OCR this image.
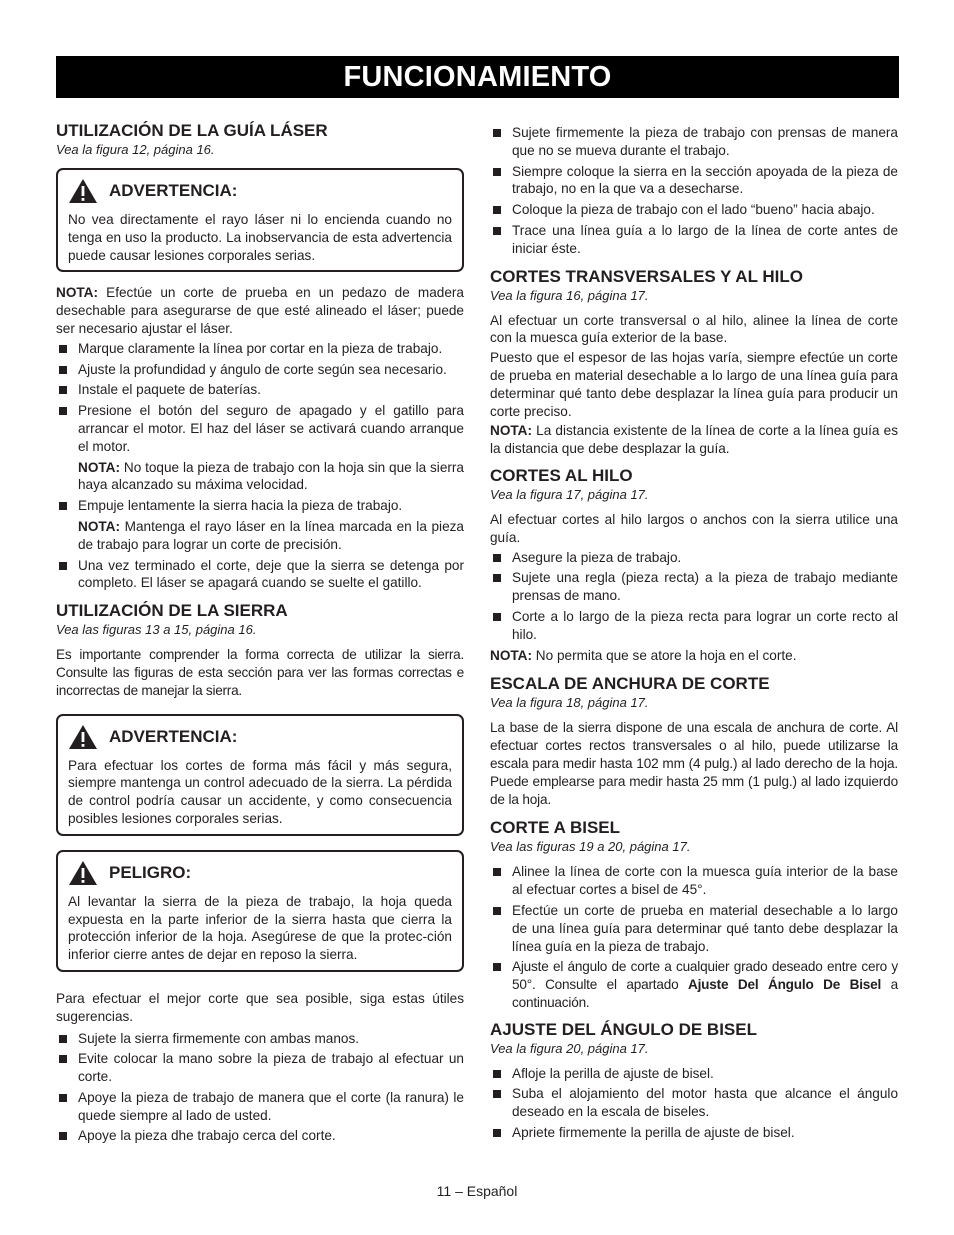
FUNCIONAMIENTO
UTILIZACIÓN DE LA GUÍA LÁSER
Vea la figura 12, página 16.
ADVERTENCIA:

No vea directamente el rayo láser ni lo encienda cuando no tenga en uso la producto. La inobservancia de esta advertencia puede causar lesiones corporales serias.

NOTA: Efectúe un corte de prueba en un pedazo de madera desechable para asegurarse de que esté alineado el láser; puede ser necesario ajustar el láser.

Marque claramente la línea por cortar en la pieza de trabajo.
Ajuste la profundidad y ángulo de corte según sea necesario.
Instale el paquete de baterías.
Presione el botón del seguro de apagado y el gatillo para arrancar el motor. El haz del láser se activará cuando arranque el motor.
NOTA: No toque la pieza de trabajo con la hoja sin que la sierra haya alcanzado su máxima velocidad.
Empuje lentamente la sierra hacia la pieza de trabajo.
NOTA: Mantenga el rayo láser en la línea marcada en la pieza de trabajo para lograr un corte de precisión.
Una vez terminado el corte, deje que la sierra se detenga por completo. El láser se apagará cuando se suelte el gatillo.
UTILIZACIÓN DE LA SIERRA
Vea las figuras 13 a 15, página 16.

Es importante comprender la forma correcta de utilizar la sierra. Consulte las figuras de esta sección para ver las formas correctas e incorrectas de manejar la sierra.

ADVERTENCIA:

Para efectuar los cortes de forma más fácil y más segura, siempre mantenga un control adecuado de la sierra. La pérdida de control podría causar un accidente, y como consecuencia posibles lesiones corporales serias.

PELIGRO:

Al levantar la sierra de la pieza de trabajo, la hoja queda expuesta en la parte inferior de la sierra hasta que cierra la protección inferior de la hoja. Asegúrese de que la protec-ción inferior cierre antes de dejar en reposo la sierra.

Para efectuar el mejor corte que sea posible, siga estas útiles sugerencias.

Sujete la sierra firmemente con ambas manos.
Evite colocar la mano sobre la pieza de trabajo al efectuar un corte.
Apoye la pieza de trabajo de manera que el corte (la ranura) le quede siempre al lado de usted.
Apoye la pieza dhe trabajo cerca del corte.
Sujete firmemente la pieza de trabajo con prensas de manera que no se mueva durante el trabajo.
Siempre coloque la sierra en la sección apoyada de la pieza de trabajo, no en la que va a desecharse.
Coloque la pieza de trabajo con el lado “bueno” hacia abajo.
Trace una línea guía a lo largo de la línea de corte antes de iniciar éste.
CORTES TRANSVERSALES Y AL HILO
Vea la figura 16, página 17.

Al efectuar un corte transversal o al hilo, alinee la línea de corte con la muesca guía exterior de la base.

Puesto que el espesor de las hojas varía, siempre efectúe un corte de prueba en material desechable a lo largo de una línea guía para determinar qué tanto debe desplazar la línea guía para producir un corte preciso.

NOTA: La distancia existente de la línea de corte a la línea guía es la distancia que debe desplazar la guía.

CORTES AL HILO
Vea la figura 17, página 17.

Al efectuar cortes al hilo largos o anchos con la sierra utilice una guía.

Asegure la pieza de trabajo.
Sujete una regla (pieza recta) a la pieza de trabajo mediante prensas de mano.
Corte a lo largo de la pieza recta para lograr un corte recto al hilo.

NOTA: No permita que se atore la hoja en el corte.

ESCALA DE ANCHURA DE CORTE
Vea la figura 18, página 17.

La base de la sierra dispone de una escala de anchura de corte. Al efectuar cortes rectos transversales o al hilo, puede utilizarse la escala para medir hasta 102 mm (4 pulg.) al lado derecho de la hoja. Puede emplearse para medir hasta 25 mm (1 pulg.) al lado izquierdo de la hoja.

CORTE A BISEL
Vea las figuras 19 a 20, página 17.
Alinee la línea de corte con la muesca guía interior de la base al efectuar cortes a bisel de 45°.
Efectúe un corte de prueba en material desechable a lo largo de una línea guía para determinar qué tanto debe desplazar la línea guía en la pieza de trabajo.
Ajuste el ángulo de corte a cualquier grado deseado entre cero y 50°. Consulte el apartado Ajuste Del Ángulo De Bisel a continuación.
AJUSTE DEL ÁNGULO DE BISEL
Vea la figura 20, página 17.
Afloje la perilla de ajuste de bisel.
Suba el alojamiento del motor hasta que alcance el ángulo deseado en la escala de biseles.
Apriete firmemente la perilla de ajuste de bisel.
11 – Español
